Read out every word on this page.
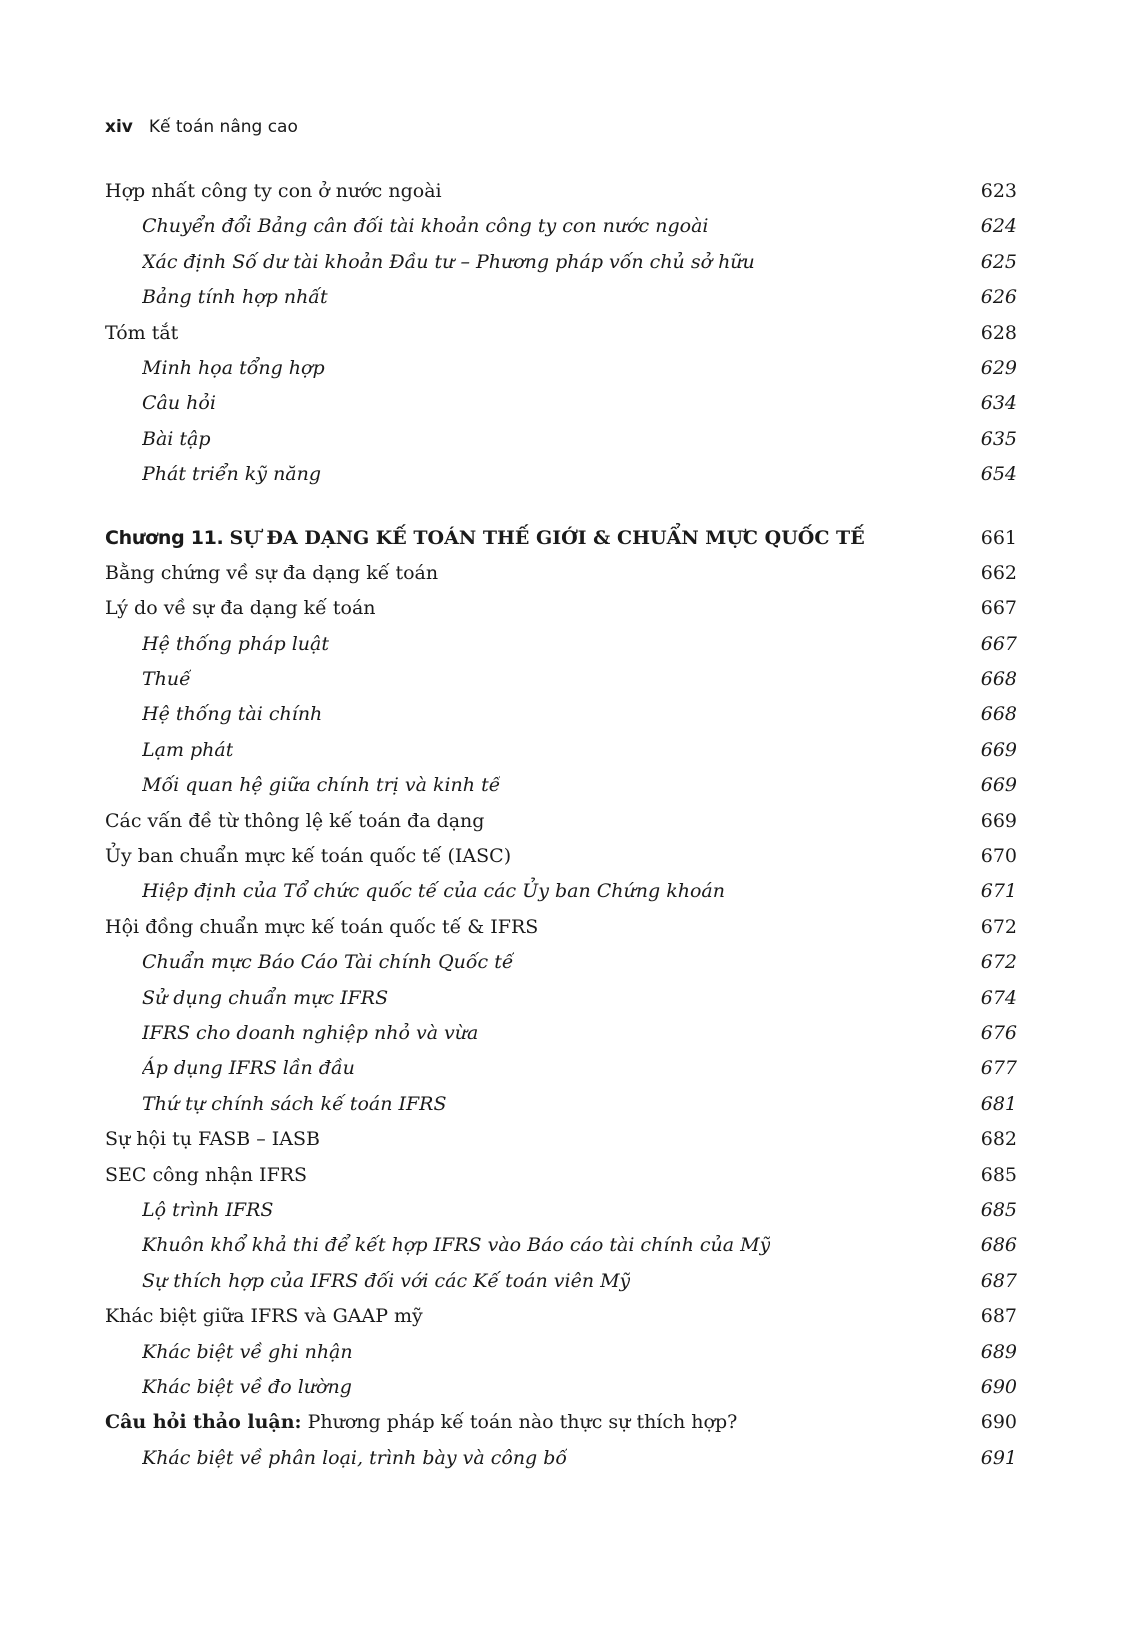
xiv Kế toán nâng cao
Hợp nhất công ty con ở nước ngoài	623
Chuyển đổi Bảng cân đối tài khoản công ty con nước ngoài	624
Xác định Số dư tài khoản Đầu tư – Phương pháp vốn chủ sở hữu	625
Bảng tính hợp nhất	626
Tóm tắt	628
Minh họa tổng hợp	629
Câu hỏi	634
Bài tập	635
Phát triển kỹ năng	654
Chương 11. SỰ ĐA DẠNG KẾ TOÁN THẾ GIỚI & CHUẨN MỰC QUỐC TẾ	661
Bằng chứng về sự đa dạng kế toán	662
Lý do về sự đa dạng kế toán	667
Hệ thống pháp luật	667
Thuế	668
Hệ thống tài chính	668
Lạm phát	669
Mối quan hệ giữa chính trị và kinh tế	669
Các vấn đề từ thông lệ kế toán đa dạng	669
Ủy ban chuẩn mực kế toán quốc tế (IASC)	670
Hiệp định của Tổ chức quốc tế của các Ủy ban Chứng khoán	671
Hội đồng chuẩn mực kế toán quốc tế & IFRS	672
Chuẩn mực Báo Cáo Tài chính Quốc tế	672
Sử dụng chuẩn mực IFRS	674
IFRS cho doanh nghiệp nhỏ và vừa	676
Áp dụng IFRS lần đầu	677
Thứ tự chính sách kế toán IFRS	681
Sự hội tụ FASB – IASB	682
SEC công nhận IFRS	685
Lộ trình IFRS	685
Khuôn khổ khả thi để kết hợp IFRS vào Báo cáo tài chính của Mỹ	686
Sự thích hợp của IFRS đối với các Kế toán viên Mỹ	687
Khác biệt giữa IFRS và GAAP mỹ	687
Khác biệt về ghi nhận	689
Khác biệt về đo lường	690
Câu hỏi thảo luận: Phương pháp kế toán nào thực sự thích hợp?	690
Khác biệt về phân loại, trình bày và công bố	691
